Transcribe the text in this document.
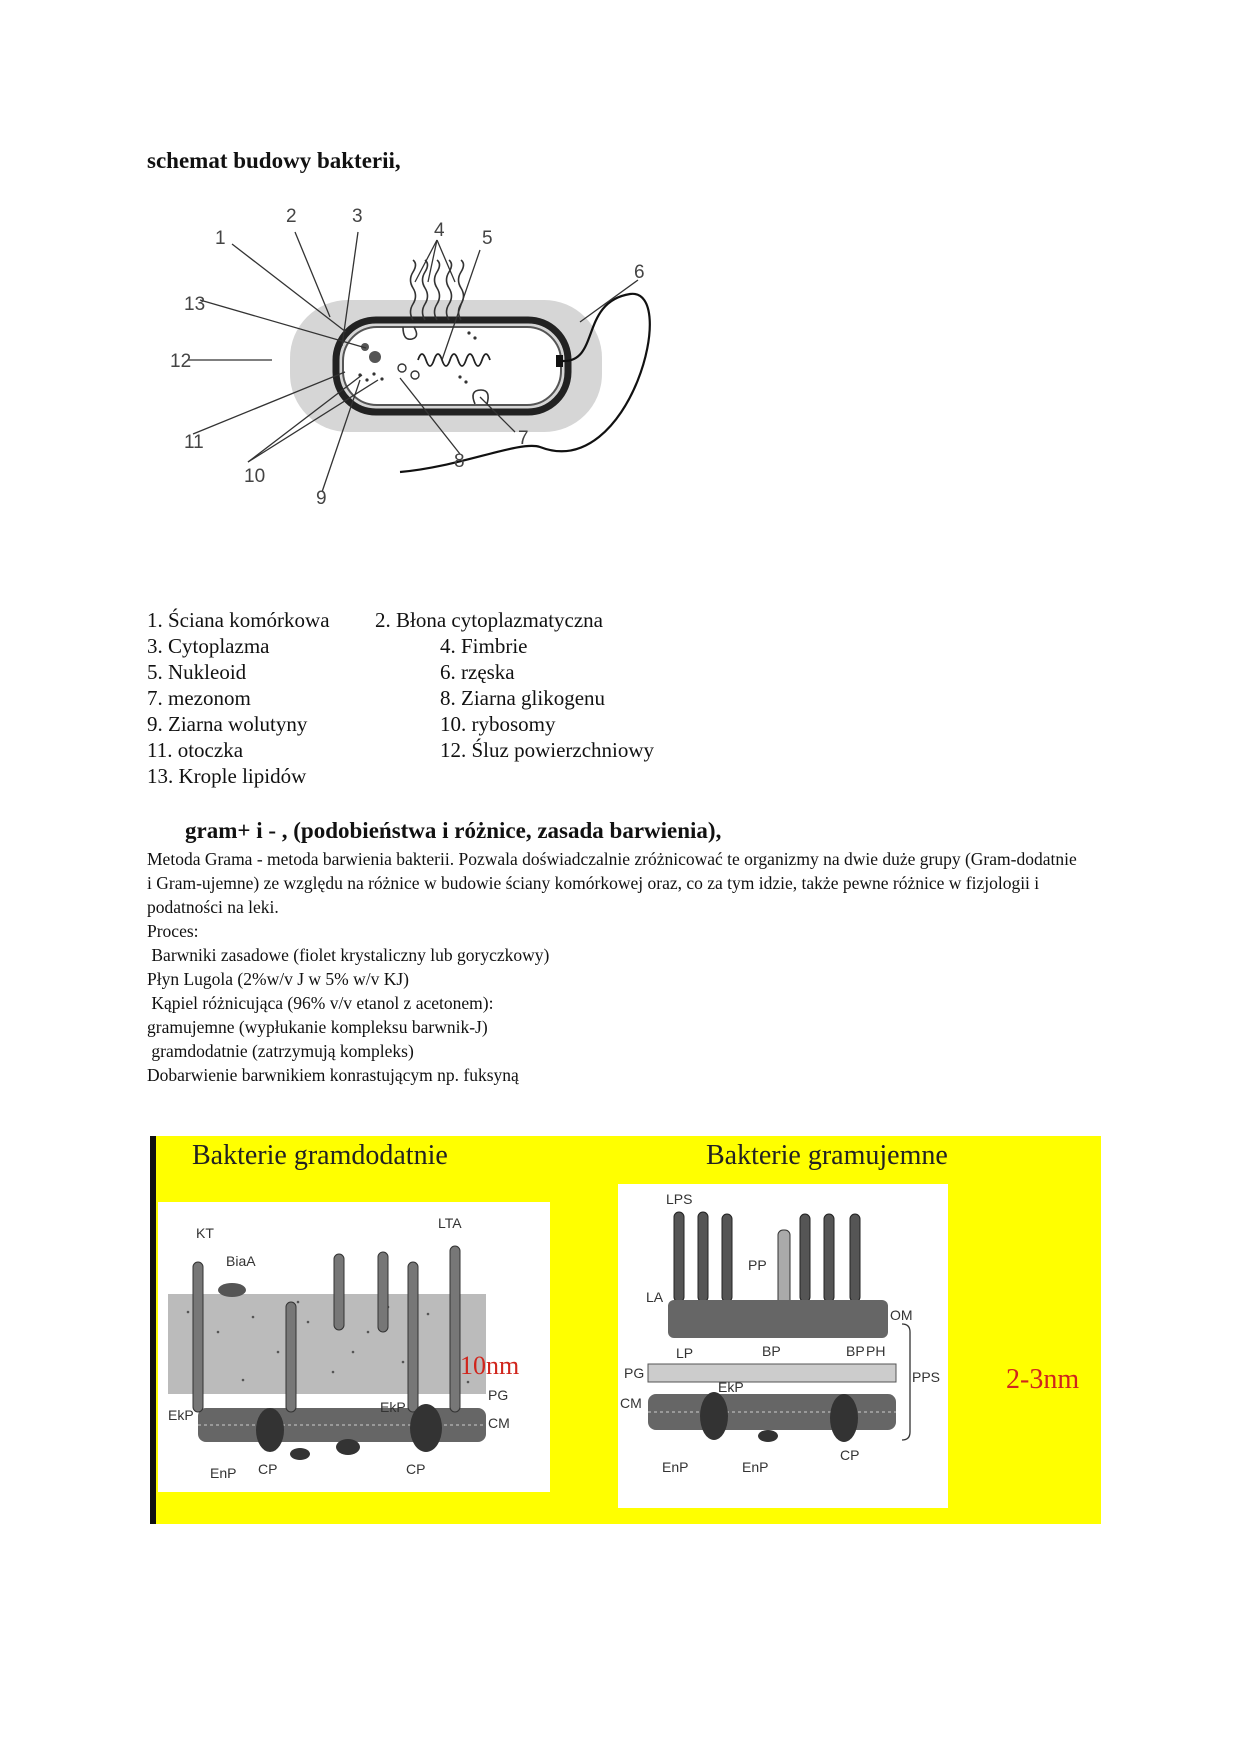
schemat budowy bakterii,
1
2	3
4 5
6
7
8
9
10
11
12
13
1. Ściana komórkowa	2. Błona cytoplazmatyczna
3. Cytoplazma	4. Fimbrie
5. Nukleoid	6. rzęska
7. mezonom	8. Ziarna glikogenu
9. Ziarna wolutyny	10. rybosomy
11. otoczka	12. Śluz powierzchniowy
13. Krople lipidów
gram+ i - , (podobieństwa i różnice, zasada barwienia),
Metoda Grama - metoda barwienia bakterii. Pozwala doświadczalnie zróżnicować te organizmy na dwie duże grupy (Gram-dodatnie i Gram-ujemne) ze względu na różnice w budowie ściany komórkowej oraz, co za tym idzie, także pewne różnice w fizjologii i podatności na leki.
Proces:
Barwniki zasadowe (fiolet krystaliczny lub goryczkowy)
Płyn Lugola (2%w/v J w 5% w/v KJ)
Kąpiel różnicująca (96% v/v etanol z acetonem):
gramujemne (wypłukanie kompleksu barwnik-J)
gramdodatnie (zatrzymują kompleks)
Dobarwienie barwnikiem konrastującym np. fuksyną
Bakterie gramdodatnie	Bakterie gramujemne
KT
BiaA
LTA
EkP	EkP
PG
CM
EnP CP	CP
10nm
LPS
PP
LA
OM
LP	BP	BP PH
PPS
PG
CM
EkP
EnP	EnP
CP
2-3nm
